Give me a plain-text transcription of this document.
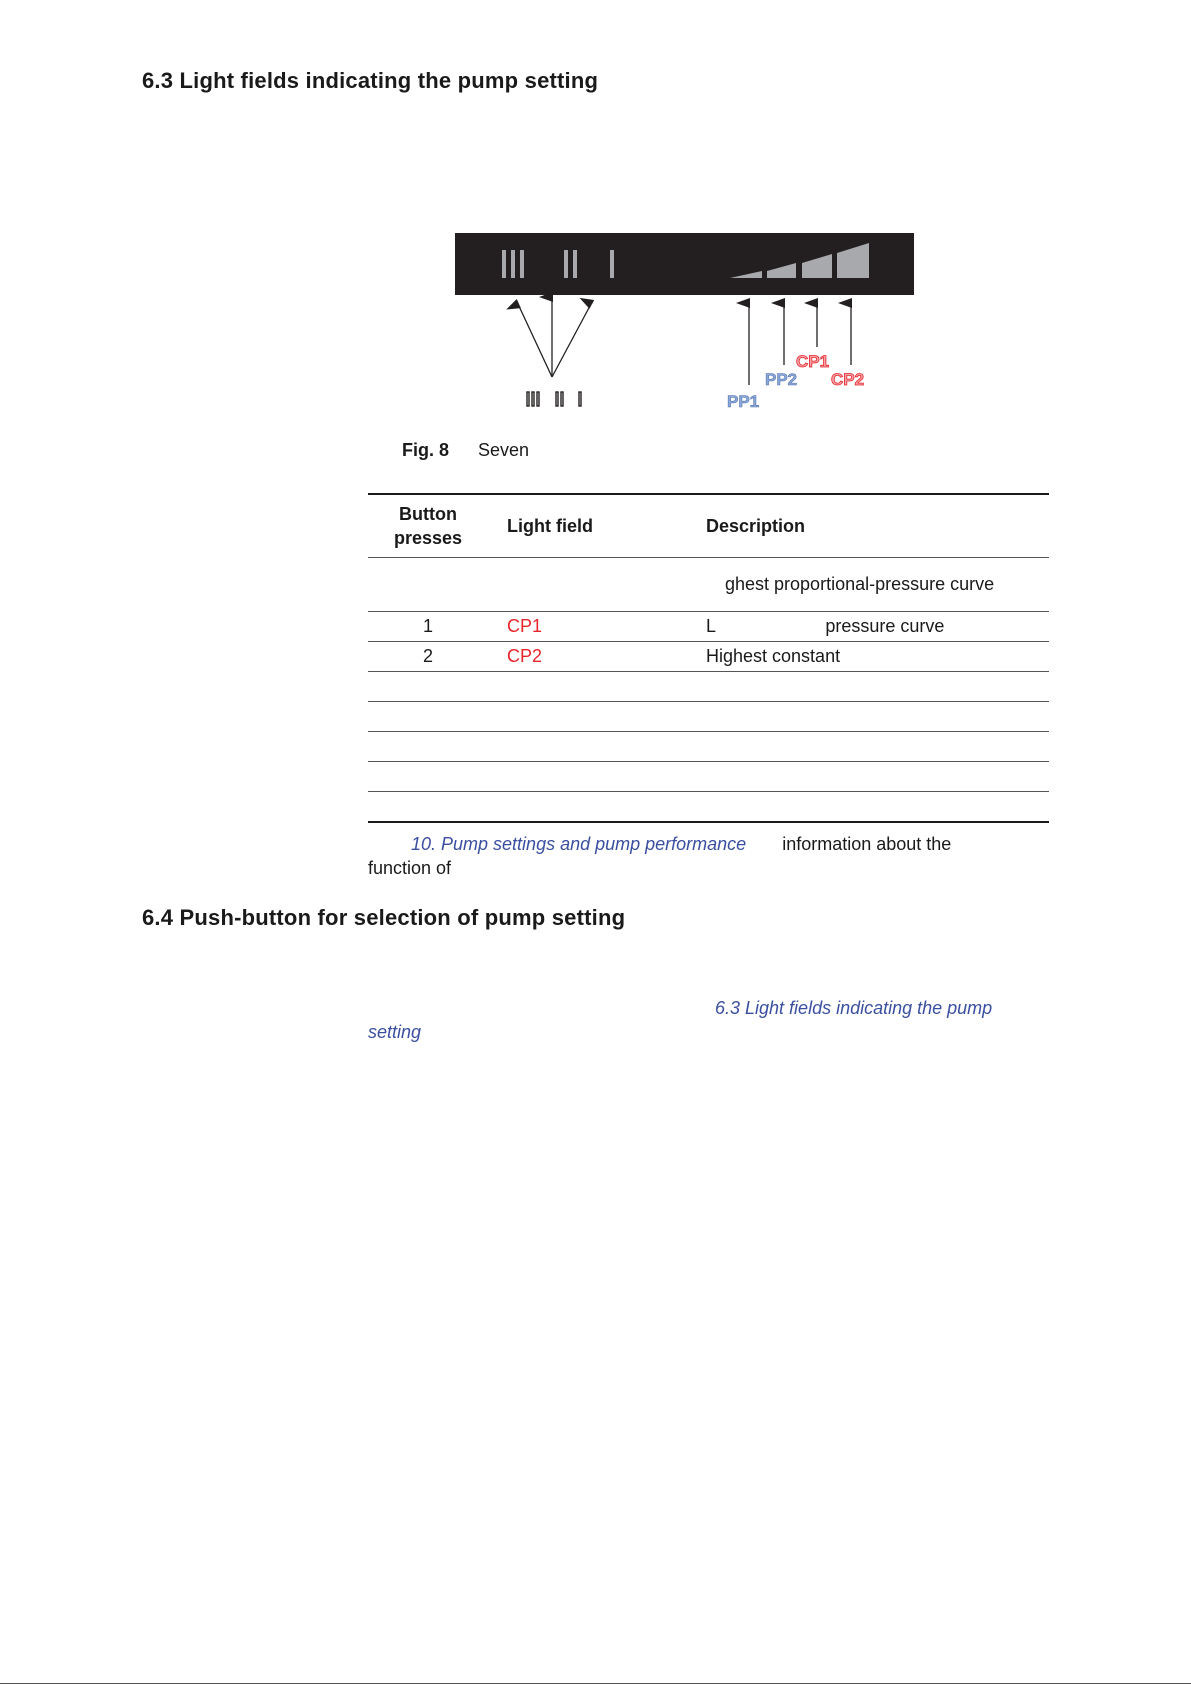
6.3 Light fields indicating the pump setting
PP1
PP2
CP1
CP2
Fig. 8 Seven
Button presses	Light field	Description
		ghest proportional-pressure curve
1	CP1	L                      pressure curve
2	CP2	Highest constant

10. Pump settings and pump performance information about the
function of
6.4 Push-button for selection of pump setting
6.3 Light fields indicating the pump
setting
